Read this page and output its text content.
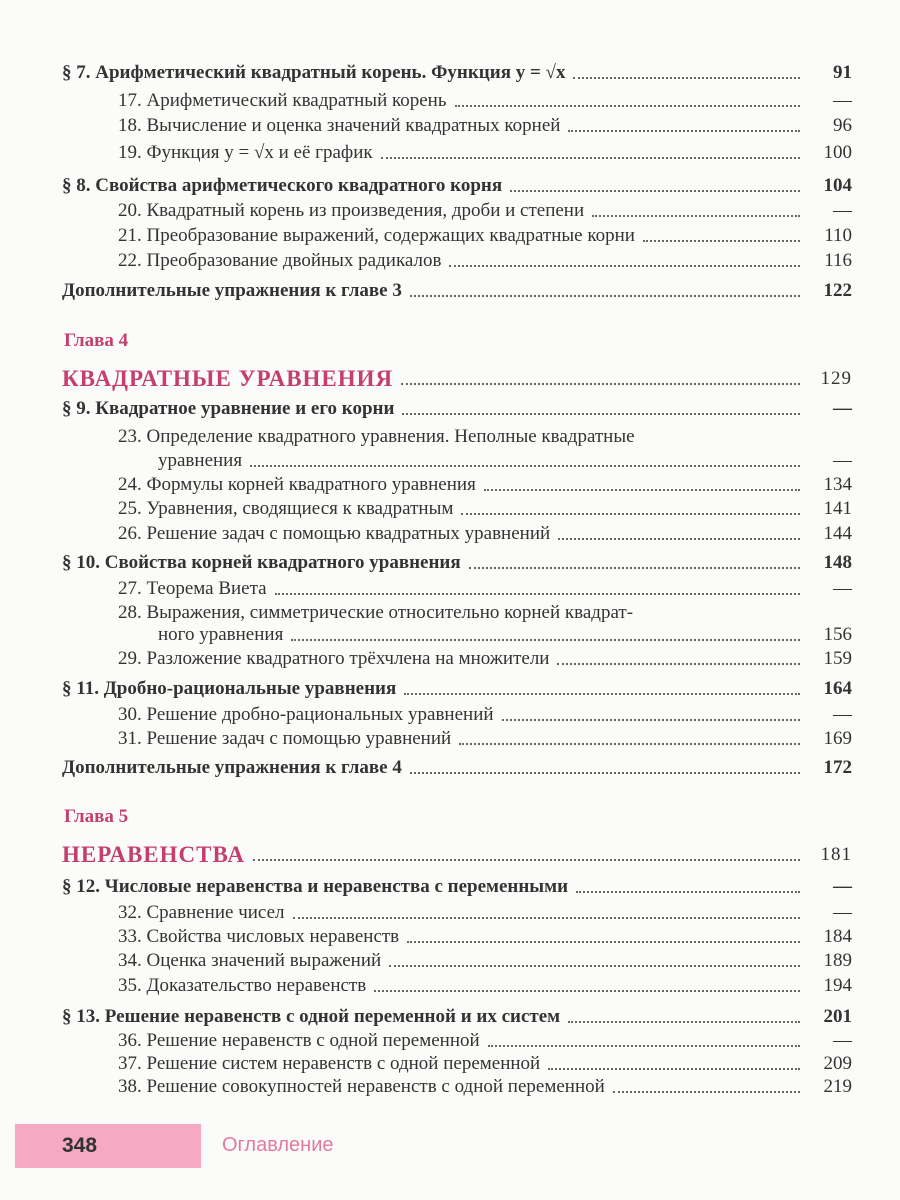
§ 7. Арифметический квадратный корень. Функция y = √x	91
17. Арифметический квадратный корень	—
18. Вычисление и оценка значений квадратных корней	96
19. Функция y = √x и её график	100
§ 8. Свойства арифметического квадратного корня	104
20. Квадратный корень из произведения, дроби и степени	—
21. Преобразование выражений, содержащих квадратные корни	110
22. Преобразование двойных радикалов	116
Дополнительные упражнения к главе 3	122
Глава 4
КВАДРАТНЫЕ УРАВНЕНИЯ	129
§ 9. Квадратное уравнение и его корни	—
23. Определение квадратного уравнения. Неполные квадратные
уравнения	—
24. Формулы корней квадратного уравнения	134
25. Уравнения, сводящиеся к квадратным	141
26. Решение задач с помощью квадратных уравнений	144
§ 10. Свойства корней квадратного уравнения	148
27. Теорема Виета	—
28. Выражения, симметрические относительно корней квадрат-
ного уравнения	156
29. Разложение квадратного трёхчлена на множители	159
§ 11. Дробно-рациональные уравнения	164
30. Решение дробно-рациональных уравнений	—
31. Решение задач с помощью уравнений	169
Дополнительные упражнения к главе 4	172
Глава 5
НЕРАВЕНСТВА	181
§ 12. Числовые неравенства и неравенства с переменными	—
32. Сравнение чисел	—
33. Свойства числовых неравенств	184
34. Оценка значений выражений	189
35. Доказательство неравенств	194
§ 13. Решение неравенств с одной переменной и их систем	201
36. Решение неравенств с одной переменной	—
37. Решение систем неравенств с одной переменной	209
38. Решение совокупностей неравенств с одной переменной	219
348	Оглавление
